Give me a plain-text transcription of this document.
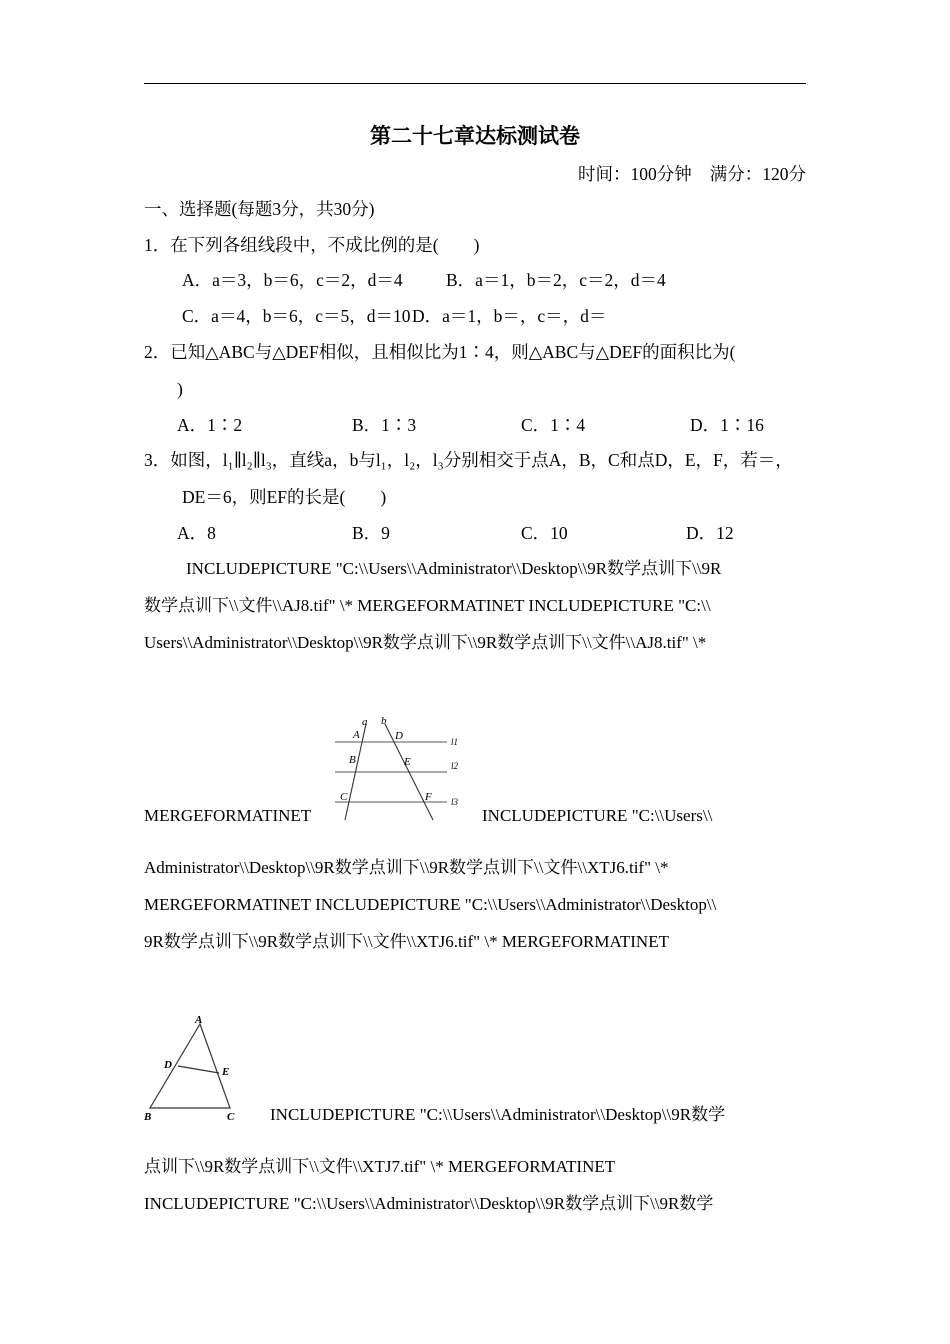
第二十七章达标测试卷
时间：100分钟 满分：120分
一、选择题(每题3分，共30分)
1．在下列各组线段中，不成比例的是(　　)
A．a＝3，b＝6，c＝2，d＝4 B．a＝1，b＝2，c＝2，d＝4
C．a＝4，b＝6，c＝5，d＝10 D．a＝1，b＝，c＝，d＝
2．已知△ABC与△DEF相似，且相似比为1∶4，则△ABC与△DEF的面积比为(
)
A．1∶2	B．1∶3	C．1∶4	D．1∶16
3．如图，l₁∥l₂∥l₃，直线a，b与l₁，l₂，l₃分别相交于点A，B，C和点D，E，F，若＝，
DE＝6，则EF的长是(　　)
A．8	B．9	C．10	D．12
INCLUDEPICTURE "C:\\Users\\Administrator\\Desktop\\9R数学点训下\\9R
数学点训下\\文件\\AJ8.tif" \* MERGEFORMATINET INCLUDEPICTURE "C:\\
Users\\Administrator\\Desktop\\9R数学点训下\\9R数学点训下\\文件\\AJ8.tif" \*
MERGEFORMATINET	INCLUDEPICTURE "C:\\Users\\
Administrator\\Desktop\\9R数学点训下\\9R数学点训下\\文件\\XTJ6.tif" \*
MERGEFORMATINET INCLUDEPICTURE "C:\\Users\\Administrator\\Desktop\\
9R数学点训下\\9R数学点训下\\文件\\XTJ6.tif" \* MERGEFORMATINET
INCLUDEPICTURE "C:\\Users\\Administrator\\Desktop\\9R数学
点训下\\9R数学点训下\\文件\\XTJ7.tif" \* MERGEFORMATINET
INCLUDEPICTURE "C:\\Users\\Administrator\\Desktop\\9R数学点训下\\9R数学
a b
A	D
B	E
C	F
l1
l2
l3
A
D
E
B	C
